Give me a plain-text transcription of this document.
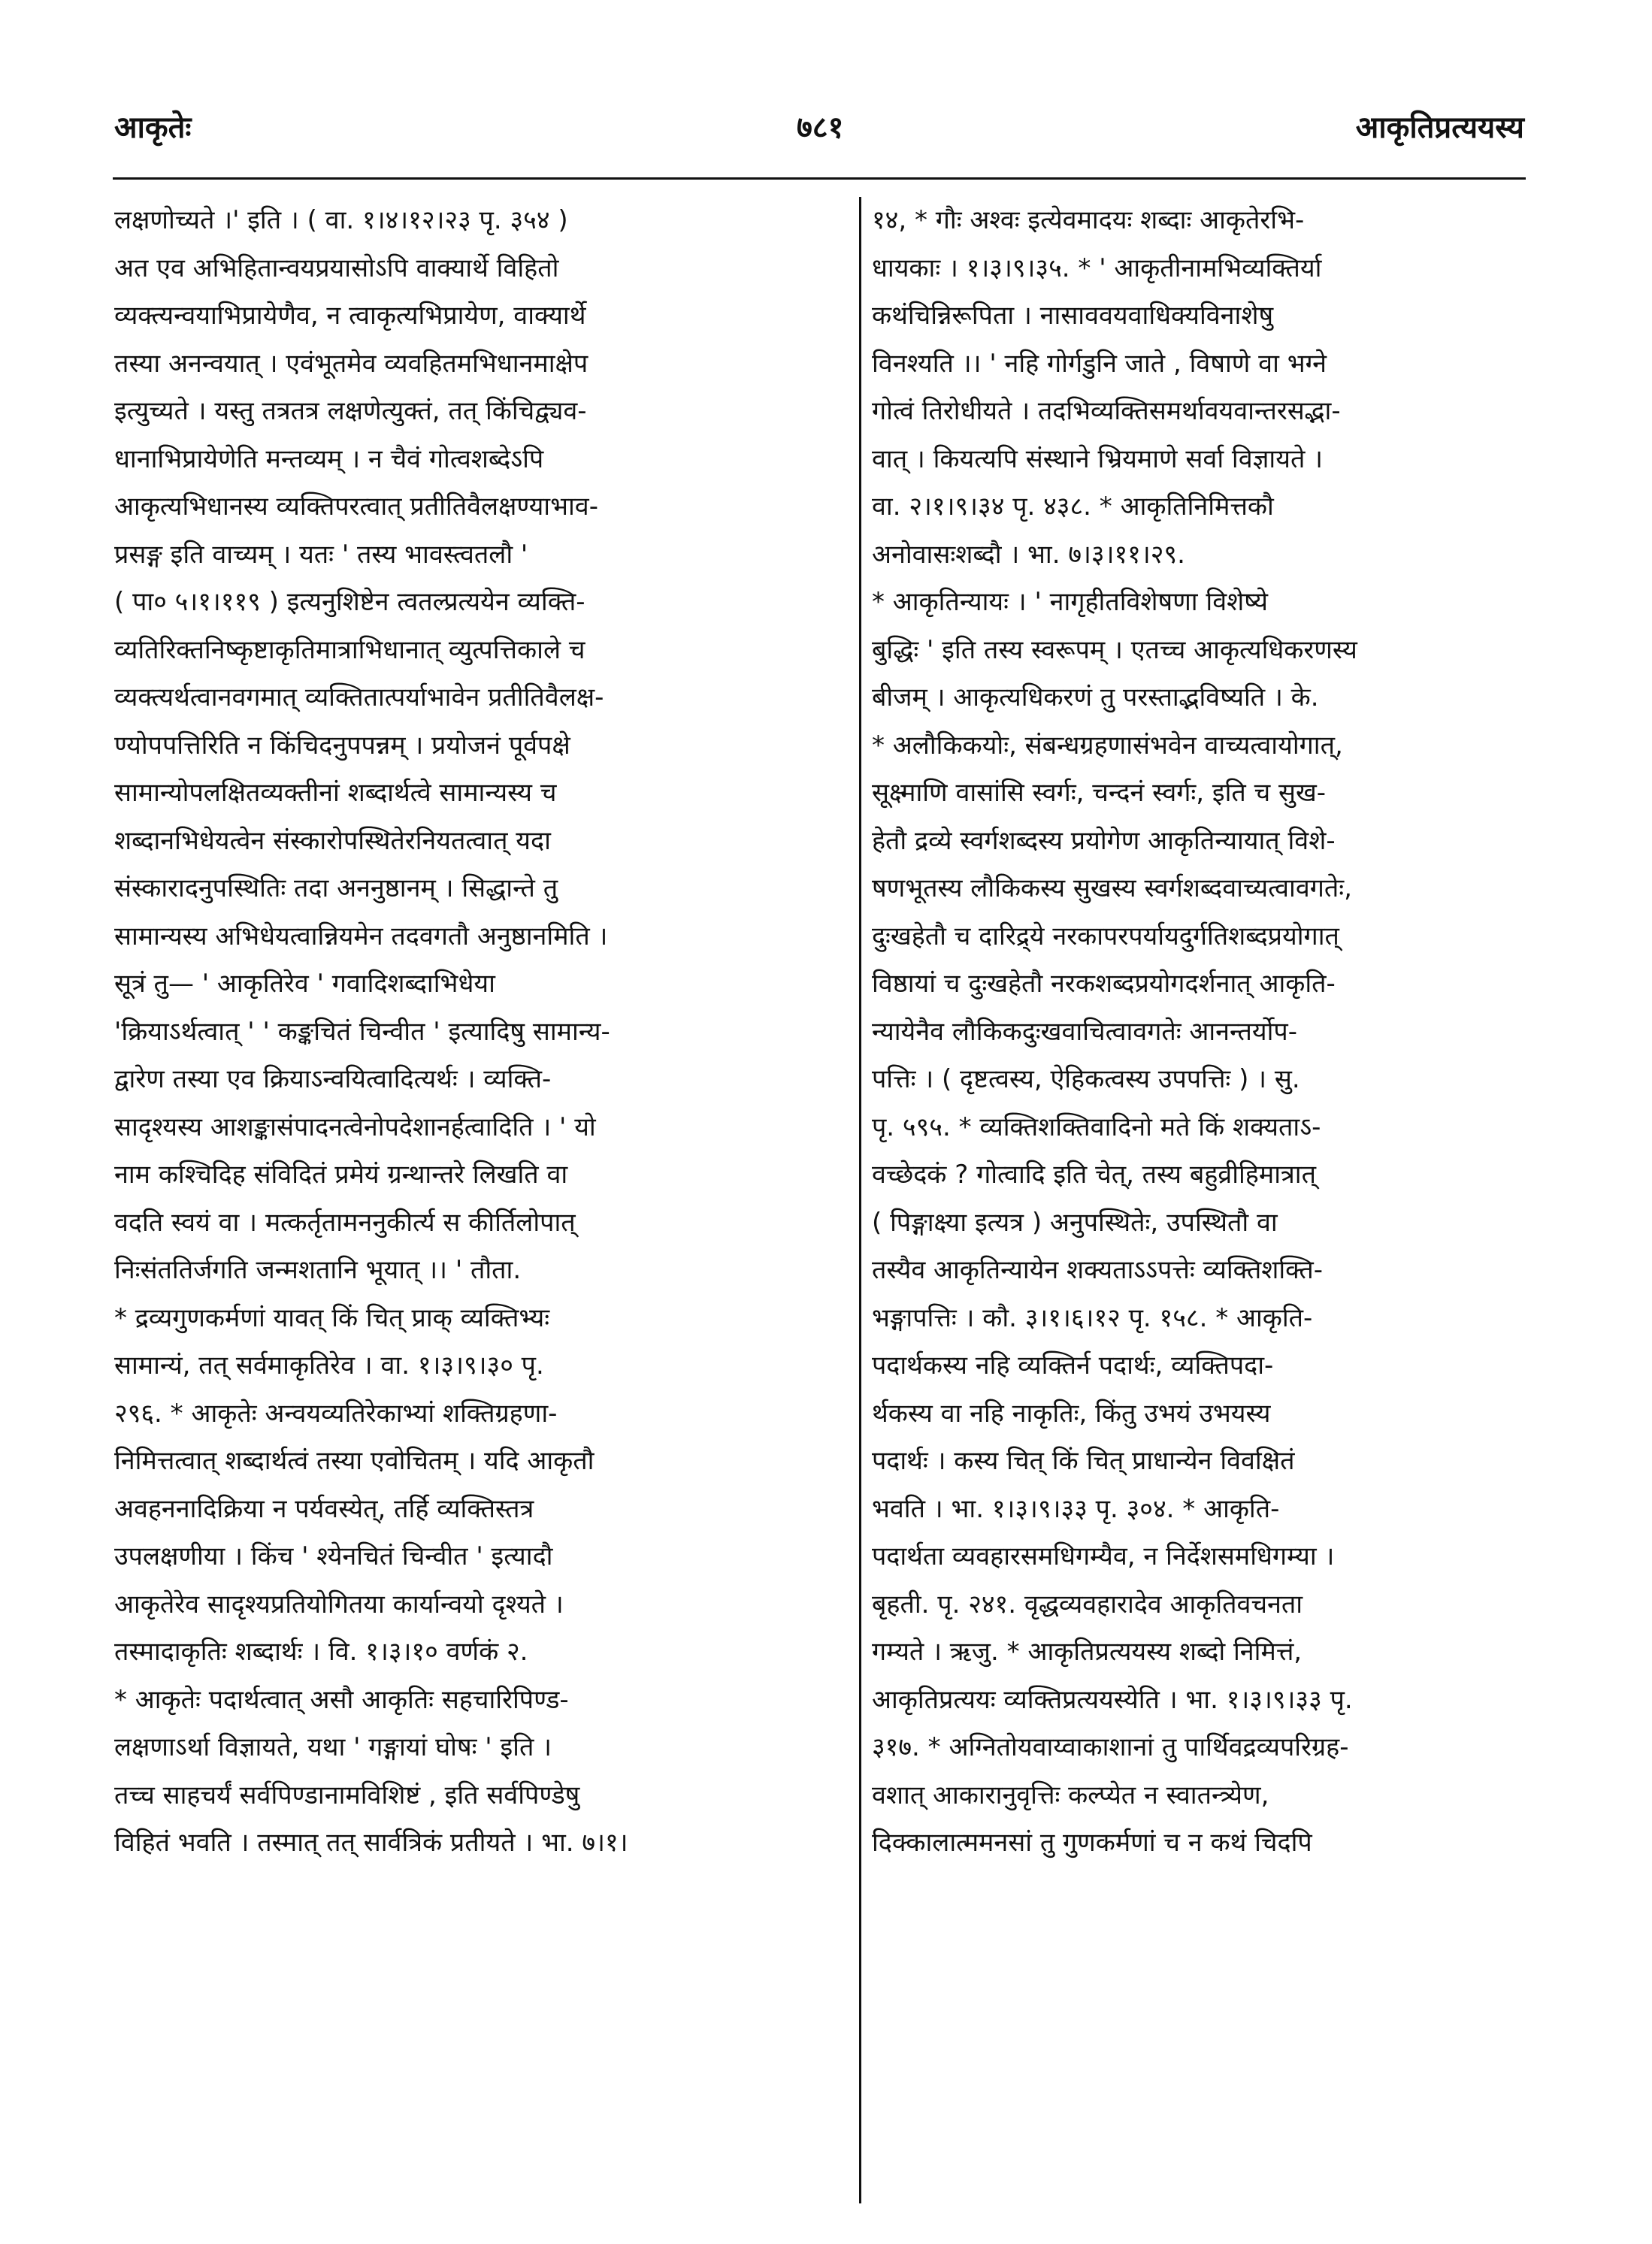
आकृतेः	७८१	आकृतिप्रत्ययस्य
लक्षणोच्यते ।' इति । ( वा. १।४।१२।२३ पृ. ३५४ )
अत एव अभिहितान्वयप्रयासोऽपि वाक्यार्थे विहितो
व्यक्त्यन्वयाभिप्रायेणैव, न त्वाकृत्यभिप्रायेण, वाक्यार्थे
तस्या अनन्वयात् । एवंभूतमेव व्यवहितमभिधानमाक्षेप
इत्युच्यते । यस्तु तत्रतत्र लक्षणेत्युक्तं, तत् किंचिद्व्यव-
धानाभिप्रायेणेति मन्तव्यम् । न चैवं गोत्वशब्देऽपि
आकृत्यभिधानस्य व्यक्तिपरत्वात् प्रतीतिवैलक्षण्याभाव-
प्रसङ्ग इति वाच्यम् । यतः ' तस्य भावस्त्वतलौ '
( पा० ५।१।११९ ) इत्यनुशिष्टेन त्वतल्प्रत्ययेन व्यक्ति-
व्यतिरिक्तनिष्कृष्टाकृतिमात्राभिधानात् व्युत्पत्तिकाले च
व्यक्त्यर्थत्वानवगमात् व्यक्तितात्पर्याभावेन प्रतीतिवैलक्ष-
ण्योपपत्तिरिति न किंचिदनुपपन्नम् । प्रयोजनं पूर्वपक्षे
सामान्योपलक्षितव्यक्तीनां शब्दार्थत्वे सामान्यस्य च
शब्दानभिधेयत्वेन संस्कारोपस्थितेरनियतत्वात् यदा
संस्कारादनुपस्थितिः तदा अननुष्ठानम् । सिद्धान्ते तु
सामान्यस्य अभिधेयत्वान्नियमेन तदवगतौ अनुष्ठानमिति ।
सूत्रं तु— ' आकृतिरेव ' गवादिशब्दाभिधेया
'क्रियाऽर्थत्वात् ' ' कङ्कचितं चिन्वीत ' इत्यादिषु सामान्य-
द्वारेण तस्या एव क्रियाऽन्वयित्वादित्यर्थः । व्यक्ति-
सादृश्यस्य आशङ्कासंपादनत्वेनोपदेशानर्हत्वादिति । ' यो
नाम कश्चिदिह संविदितं प्रमेयं ग्रन्थान्तरे लिखति वा
वदति स्वयं वा । मत्कर्तृतामननुकीर्त्य स कीर्तिलोपात्
निःसंततिर्जगति जन्मशतानि भूयात् ।। ' तौता.
* द्रव्यगुणकर्मणां यावत् किं चित् प्राक् व्यक्तिभ्यः
सामान्यं, तत् सर्वमाकृतिरेव । वा. १।३।९।३० पृ.
२९६. * आकृतेः अन्वयव्यतिरेकाभ्यां शक्तिग्रहणा-
निमित्तत्वात् शब्दार्थत्वं तस्या एवोचितम् । यदि आकृतौ
अवहननादिक्रिया न पर्यवस्येत्, तर्हि व्यक्तिस्तत्र
उपलक्षणीया । किंच ' श्येनचितं चिन्वीत ' इत्यादौ
आकृतेरेव सादृश्यप्रतियोगितया कार्यान्वयो दृश्यते ।
तस्मादाकृतिः शब्दार्थः । वि. १।३।१० वर्णकं २.
* आकृतेः पदार्थत्वात् असौ आकृतिः सहचारिपिण्ड-
लक्षणाऽर्था विज्ञायते, यथा ' गङ्गायां घोषः ' इति ।
तच्च साहचर्यं सर्वपिण्डानामविशिष्टं , इति सर्वपिण्डेषु
विहितं भवति । तस्मात् तत् सार्वत्रिकं प्रतीयते । भा. ७।१।
१४, * गौः अश्वः इत्येवमादयः शब्दाः आकृतेरभि-
धायकाः । १।३।९।३५. * ' आकृतीनामभिव्यक्तिर्या
कथंचिन्निरूपिता । नासाववयवाधिक्यविनाशेषु
विनश्यति ।। ' नहि गोर्गडुनि जाते , विषाणे वा भग्ने
गोत्वं तिरोधीयते । तदभिव्यक्तिसमर्थावयवान्तरसद्भा-
वात् । कियत्यपि संस्थाने भ्रियमाणे सर्वा विज्ञायते ।
वा. २।१।९।३४ पृ. ४३८. * आकृतिनिमित्तकौ
अनोवासःशब्दौ । भा. ७।३।११।२९.
* आकृतिन्यायः । ' नागृहीतविशेषणा विशेष्ये
बुद्धिः ' इति तस्य स्वरूपम् । एतच्च आकृत्यधिकरणस्य
बीजम् । आकृत्यधिकरणं तु परस्ताद्भविष्यति । के.
* अलौकिकयोः, संबन्धग्रहणासंभवेन वाच्यत्वायोगात्,
सूक्ष्माणि वासांसि स्वर्गः, चन्दनं स्वर्गः, इति च सुख-
हेतौ द्रव्ये स्वर्गशब्दस्य प्रयोगेण आकृतिन्यायात् विशे-
षणभूतस्य लौकिकस्य सुखस्य स्वर्गशब्दवाच्यत्वावगतेः,
दुःखहेतौ च दारिद्र्ये नरकापरपर्यायदुर्गतिशब्दप्रयोगात्
विष्ठायां च दुःखहेतौ नरकशब्दप्रयोगदर्शनात् आकृति-
न्यायेनैव लौकिकदुःखवाचित्वावगतेः आनन्तर्योप-
पत्तिः । ( दृष्टत्वस्य, ऐहिकत्वस्य उपपत्तिः ) । सु.
पृ. ५९५. * व्यक्तिशक्तिवादिनो मते किं शक्यताऽ-
वच्छेदकं ? गोत्वादि इति चेत्, तस्य बहुव्रीहिमात्रात्
( पिङ्गाक्ष्या इत्यत्र ) अनुपस्थितेः, उपस्थितौ वा
तस्यैव आकृतिन्यायेन शक्यताऽऽपत्तेः व्यक्तिशक्ति-
भङ्गापत्तिः । कौ. ३।१।६।१२ पृ. १५८. * आकृति-
पदार्थकस्य नहि व्यक्तिर्न पदार्थः, व्यक्तिपदा-
र्थकस्य वा नहि नाकृतिः, किंतु उभयं उभयस्य
पदार्थः । कस्य चित् किं चित् प्राधान्येन विवक्षितं
भवति । भा. १।३।९।३३ पृ. ३०४. * आकृति-
पदार्थता व्यवहारसमधिगम्यैव, न निर्देशसमधिगम्या ।
बृहती. पृ. २४१. वृद्धव्यवहारादेव आकृतिवचनता
गम्यते । ऋजु. * आकृतिप्रत्ययस्य शब्दो निमित्तं,
आकृतिप्रत्ययः व्यक्तिप्रत्ययस्येति । भा. १।३।९।३३ पृ.
३१७. * अग्नितोयवाय्वाकाशानां तु पार्थिवद्रव्यपरिग्रह-
वशात् आकारानुवृत्तिः कल्प्येत न स्वातन्त्र्येण,
दिक्कालात्ममनसां तु गुणकर्मणां च न कथं चिदपि
